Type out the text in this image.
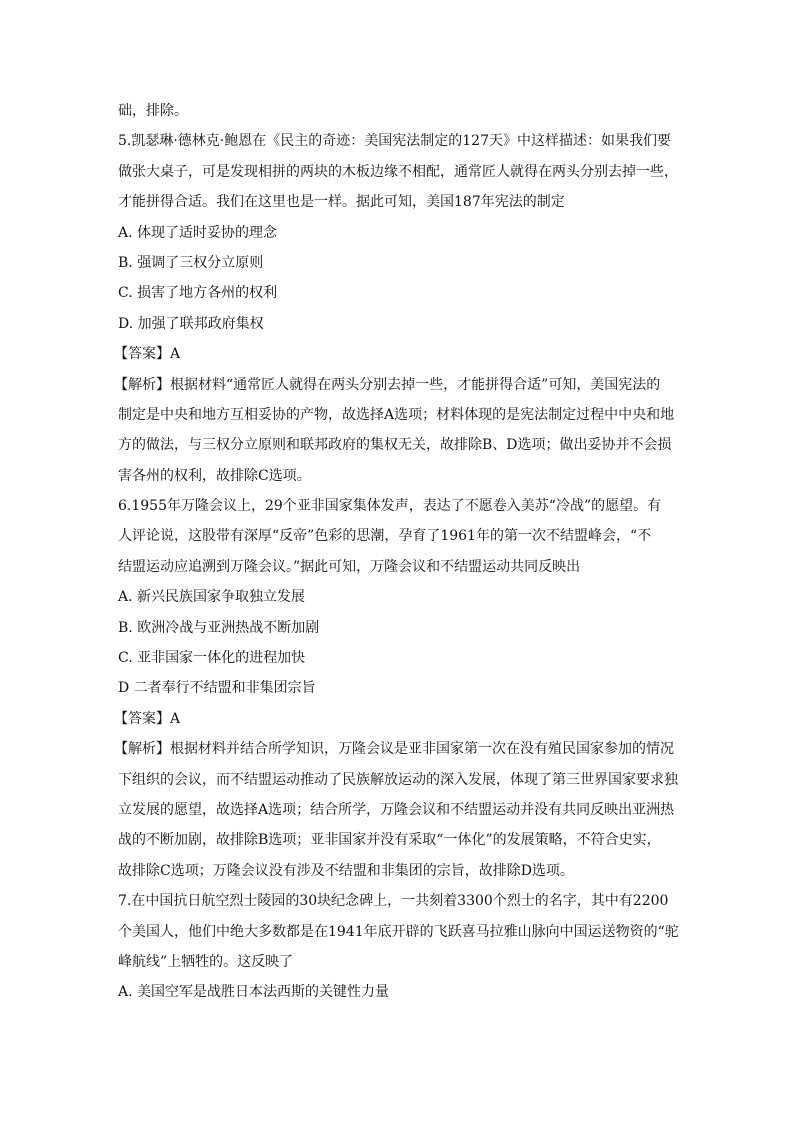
础，排除。
5.凯瑟琳·德林克·鲍恩在《民主的奇迹：美国宪法制定的127天》中这样描述：如果我们要
做张大桌子，可是发现相拼的两块的木板边缘不相配，通常匠人就得在两头分别去掉一些，
才能拼得合适。我们在这里也是一样。据此可知，美国187年宪法的制定
A. 体现了适时妥协的理念
B. 强调了三权分立原则
C. 损害了地方各州的权利
D. 加强了联邦政府集权
【答案】A
【解析】根据材料“通常匠人就得在两头分别去掉一些，才能拼得合适”可知，美国宪法的
制定是中央和地方互相妥协的产物，故选择A选项；材料体现的是宪法制定过程中中央和地
方的做法，与三权分立原则和联邦政府的集权无关，故排除B、D选项；做出妥协并不会损
害各州的权利，故排除C选项。
6.1955年万隆会议上，29个亚非国家集体发声，表达了不愿卷入美苏“冷战”的愿望。有
人评论说，这股带有深厚“反帝”色彩的思潮，孕育了1961年的第一次不结盟峰会，“不
结盟运动应追溯到万隆会议。”据此可知，万隆会议和不结盟运动共同反映出
A. 新兴民族国家争取独立发展
B. 欧洲冷战与亚洲热战不断加剧
C. 亚非国家一体化的进程加快
D 二者奉行不结盟和非集团宗旨
【答案】A
【解析】根据材料并结合所学知识，万隆会议是亚非国家第一次在没有殖民国家参加的情况
下组织的会议，而不结盟运动推动了民族解放运动的深入发展，体现了第三世界国家要求独
立发展的愿望，故选择A选项；结合所学，万隆会议和不结盟运动并没有共同反映出亚洲热
战的不断加剧，故排除B选项；亚非国家并没有采取“一体化”的发展策略，不符合史实，
故排除C选项；万隆会议没有涉及不结盟和非集团的宗旨，故排除D选项。
7.在中国抗日航空烈士陵园的30块纪念碑上，一共刻着3300个烈士的名字，其中有2200
个美国人，他们中绝大多数都是在1941年底开辟的飞跃喜马拉雅山脉向中国运送物资的“驼
峰航线”上牺牲的。这反映了
A. 美国空军是战胜日本法西斯的关键性力量
